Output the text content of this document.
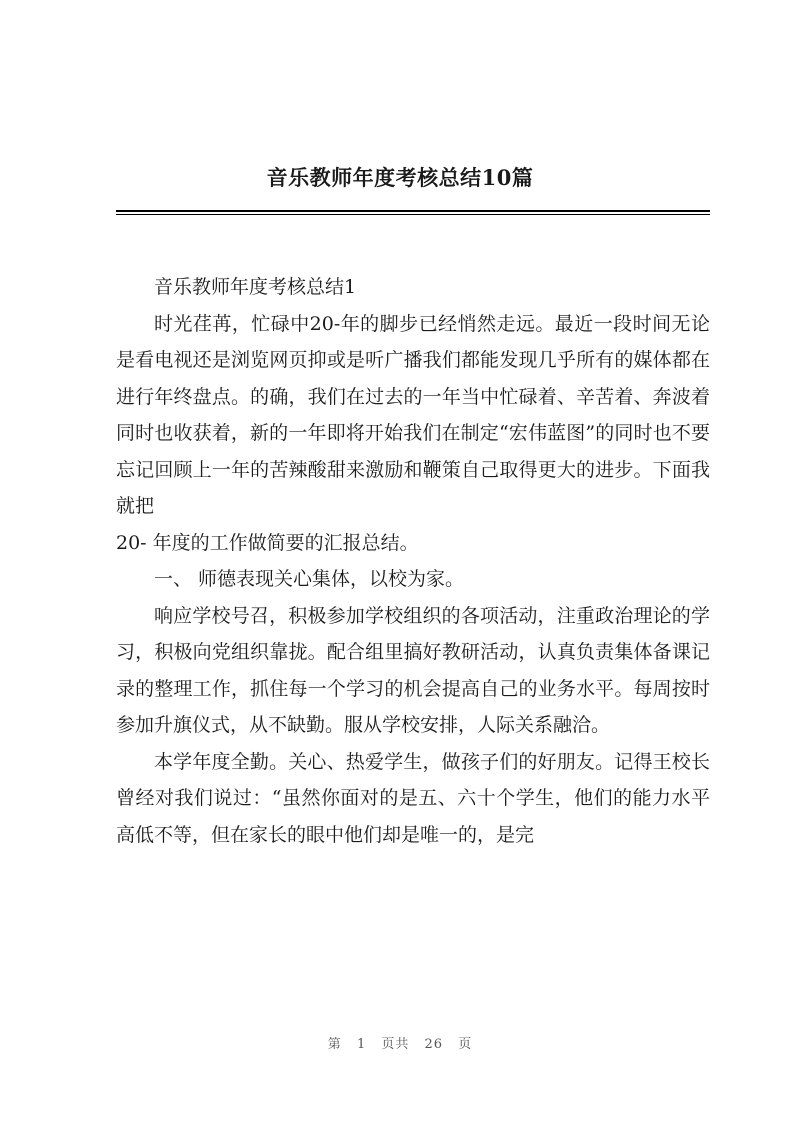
音乐教师年度考核总结10篇

音乐教师年度考核总结1

时光荏苒，忙碌中20-年的脚步已经悄然走远。最近一段时间无论是看电视还是浏览网页抑或是听广播我们都能发现几乎所有的媒体都在进行年终盘点。的确，我们在过去的一年当中忙碌着、辛苦着、奔波着同时也收获着，新的一年即将开始我们在制定“宏伟蓝图”的同时也不要忘记回顾上一年的苦辣酸甜来激励和鞭策自己取得更大的进步。下面我就把

20- 年度的工作做简要的汇报总结。

一、 师德表现关心集体，以校为家。

响应学校号召，积极参加学校组织的各项活动，注重政治理论的学习，积极向党组织靠拢。配合组里搞好教研活动，认真负责集体备课记录的整理工作，抓住每一个学习的机会提高自己的业务水平。每周按时参加升旗仪式，从不缺勤。服从学校安排，人际关系融洽。

本学年度全勤。关心、热爱学生，做孩子们的好朋友。记得王校长曾经对我们说过：“虽然你面对的是五、六十个学生，他们的能力水平高低不等，但在家长的眼中他们却是唯一的，是完

第 1 页共 26 页
